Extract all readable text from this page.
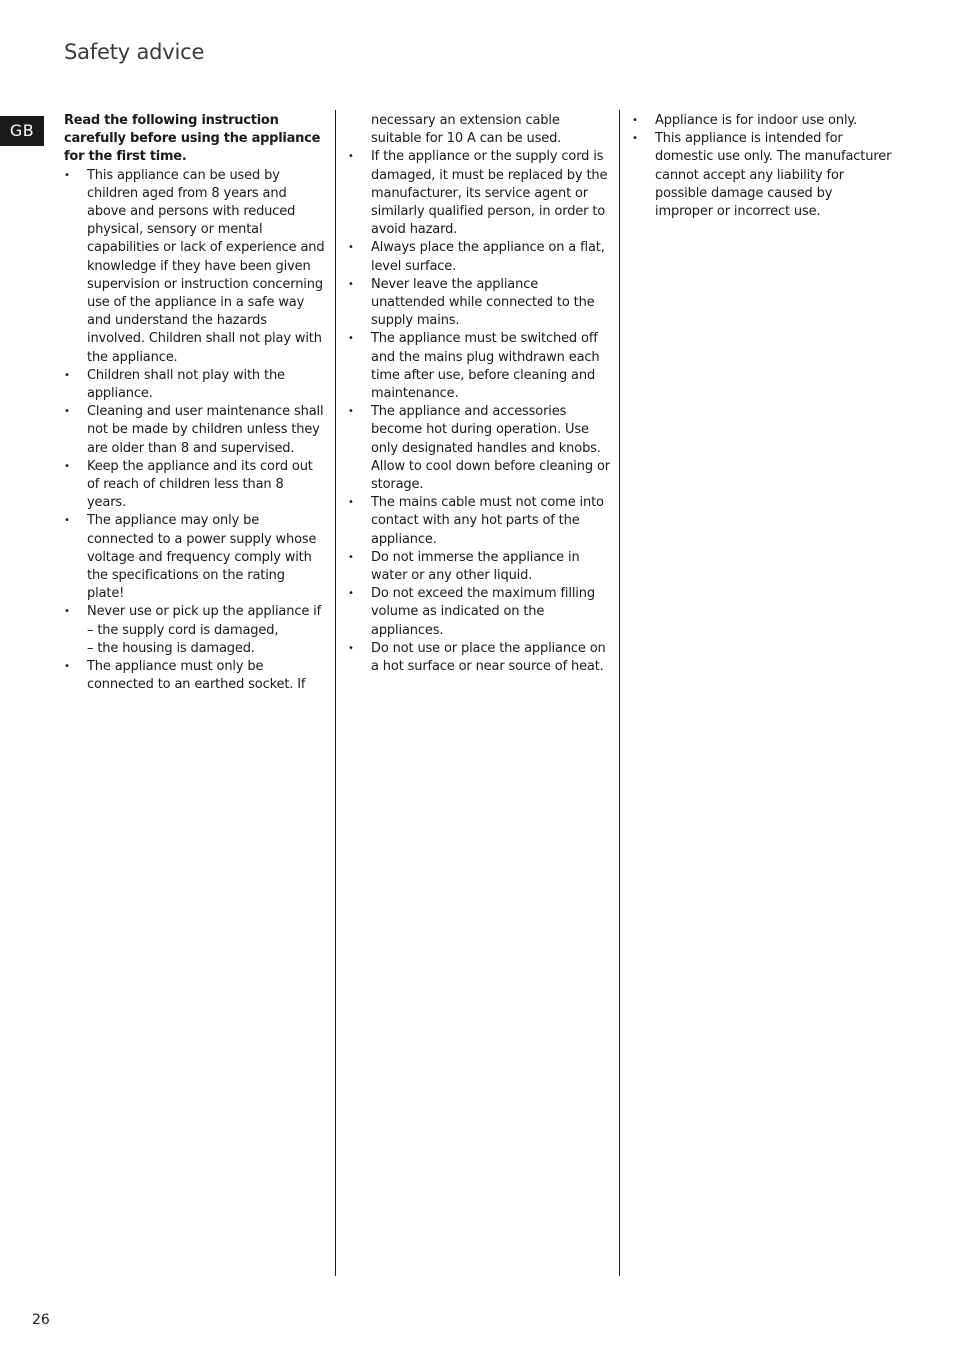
Safety advice
GB

Read the following instruction carefully before using the appliance for the first time.

• This appliance can be used by children aged from 8 years and above and persons with reduced physical, sensory or mental capabilities or lack of experience and knowledge if they have been given supervision or instruction concerning use of the appliance in a safe way and understand the hazards involved. Children shall not play with the appliance.
• Children shall not play with the appliance.
• Cleaning and user maintenance shall not be made by children unless they are older than 8 and supervised.
• Keep the appliance and its cord out of reach of children less than 8 years.
• The appliance may only be connected to a power supply whose voltage and frequency comply with the specifications on the rating plate!
• Never use or pick up the appliance if
– the supply cord is damaged,
– the housing is damaged.
• The appliance must only be connected to an earthed socket. If
necessary an extension cable suitable for 10 A can be used.
• If the appliance or the supply cord is damaged, it must be replaced by the manufacturer, its service agent or similarly qualified person, in order to avoid hazard.
• Always place the appliance on a flat, level surface.
• Never leave the appliance unattended while connected to the supply mains.
• The appliance must be switched off and the mains plug withdrawn each time after use, before cleaning and maintenance.
• The appliance and accessories become hot during operation. Use only designated handles and knobs. Allow to cool down before cleaning or storage.
• The mains cable must not come into contact with any hot parts of the appliance.
• Do not immerse the appliance in water or any other liquid.
• Do not exceed the maximum filling volume as indicated on the appliances.
• Do not use or place the appliance on a hot surface or near source of heat.
• Appliance is for indoor use only.
• This appliance is intended for domestic use only. The manufacturer cannot accept any liability for possible damage caused by improper or incorrect use.
26
